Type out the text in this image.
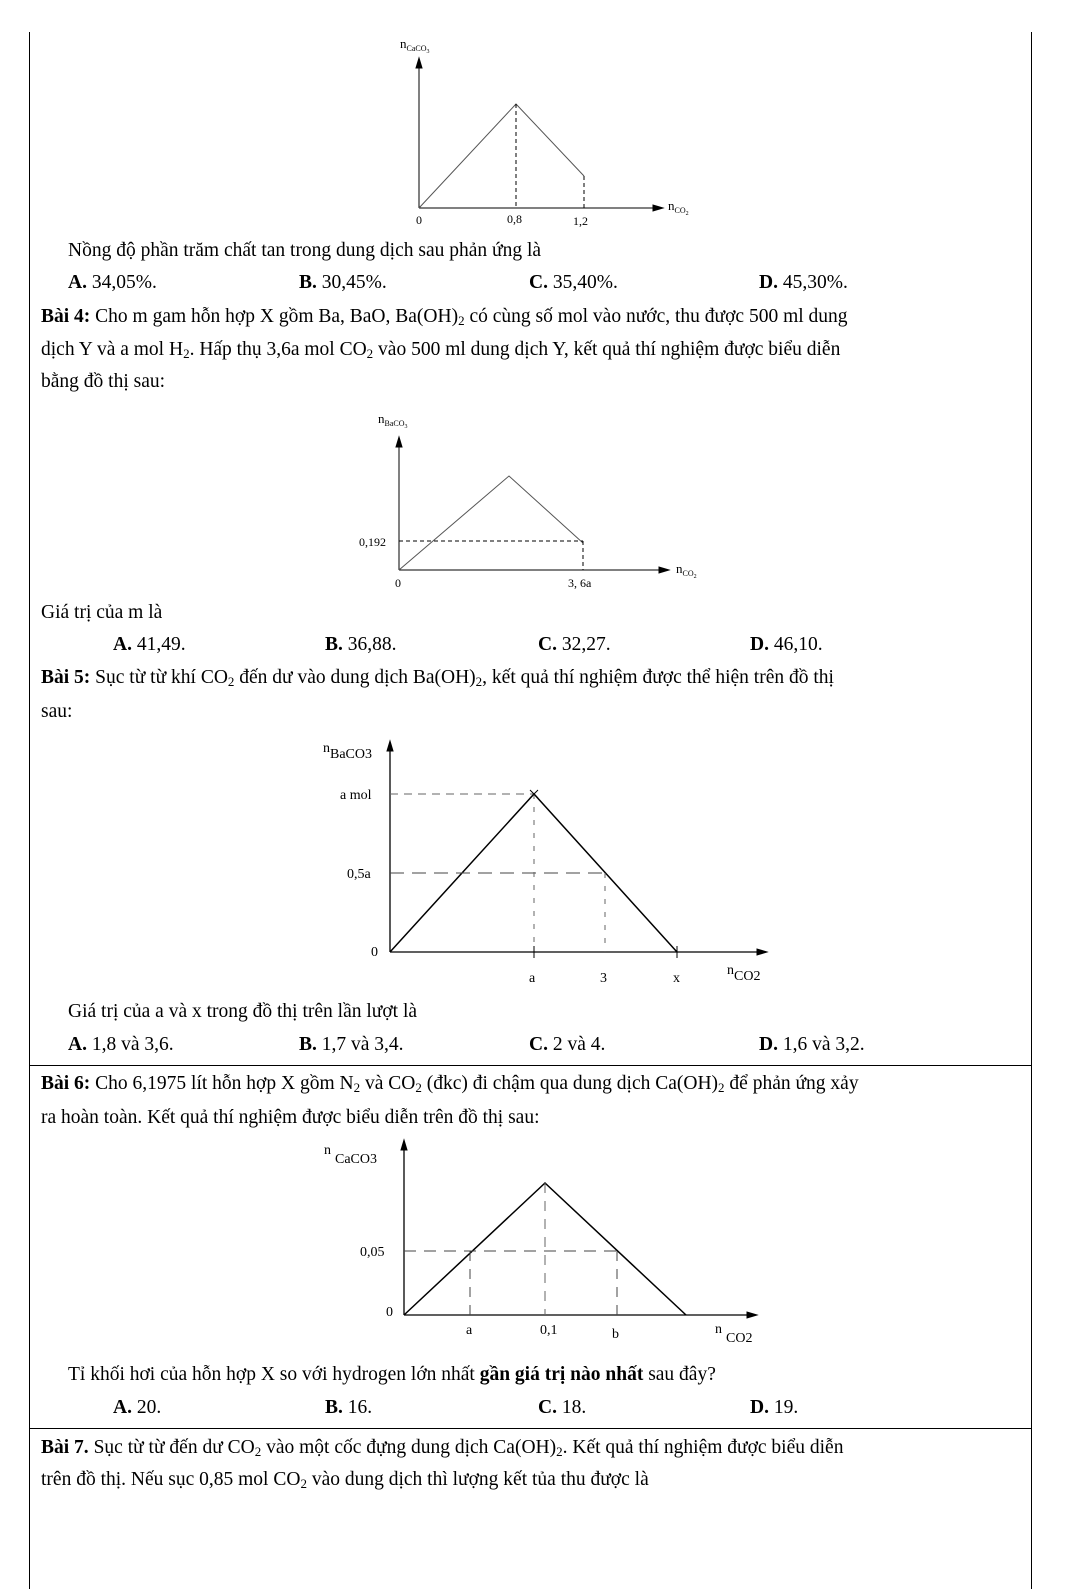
$n_{CaCO}3$
$n_{CO}2$
0	0,8	1,2
Nồng độ phần trăm chất tan trong dung dịch sau phản ứng là
A. 34,05%.	B. 30,45%.	C. 35,40%.	D. 45,30%.
Bài 4: Cho m gam hỗn hợp X gồm Ba, BaO, $Ba(OH)_2$ có cùng số mol vào nước, thu được 500 ml dung
dịch Y và a mol $H_2$. Hấp thụ 3,6a mol $CO_2$ vào 500 ml dung dịch Y, kết quả thí nghiệm được biểu diễn
bằng đồ thị sau:
$n_{BaCO}3$
$n_{CO}2$
0,192
0	3, 6a
Giá trị của m là
A. 41,49.	B. 36,88.	C. 32,27.	D. 46,10.
Bài 5: Sục từ từ khí $CO_2$ đến dư vào dung dịch $Ba(OH)_2$, kết quả thí nghiệm được thể hiện trên đồ thị
sau:
nBaCO3
nCO2
a mol
0,5a
0
a	3	x
Giá trị của a và x trong đồ thị trên lần lượt là
A. 1,8 và 3,6.	B. 1,7 và 3,4.	C. 2 và 4.	D. 1,6 và 3,2.
Bài 6: Cho 6,1975 lít hỗn hợp X gồm $N_2$ và $CO_2$ (đkc) đi chậm qua dung dịch $Ca(OH)_2$ để phản ứng xảy
ra hoàn toàn. Kết quả thí nghiệm được biểu diễn trên đồ thị sau:
nCaCO3
nCO2
0,05
0
a	0,1	b
Tỉ khối hơi của hỗn hợp X so với hydrogen lớn nhất gần giá trị nào nhất sau đây?
A. 20.	B. 16.	C. 18.	D. 19.
Bài 7. Sục từ từ đến dư $CO_2$ vào một cốc đựng dung dịch $Ca(OH)_2$. Kết quả thí nghiệm được biểu diễn
trên đồ thị. Nếu sục 0,85 mol $CO_2$ vào dung dịch thì lượng kết tủa thu được là
